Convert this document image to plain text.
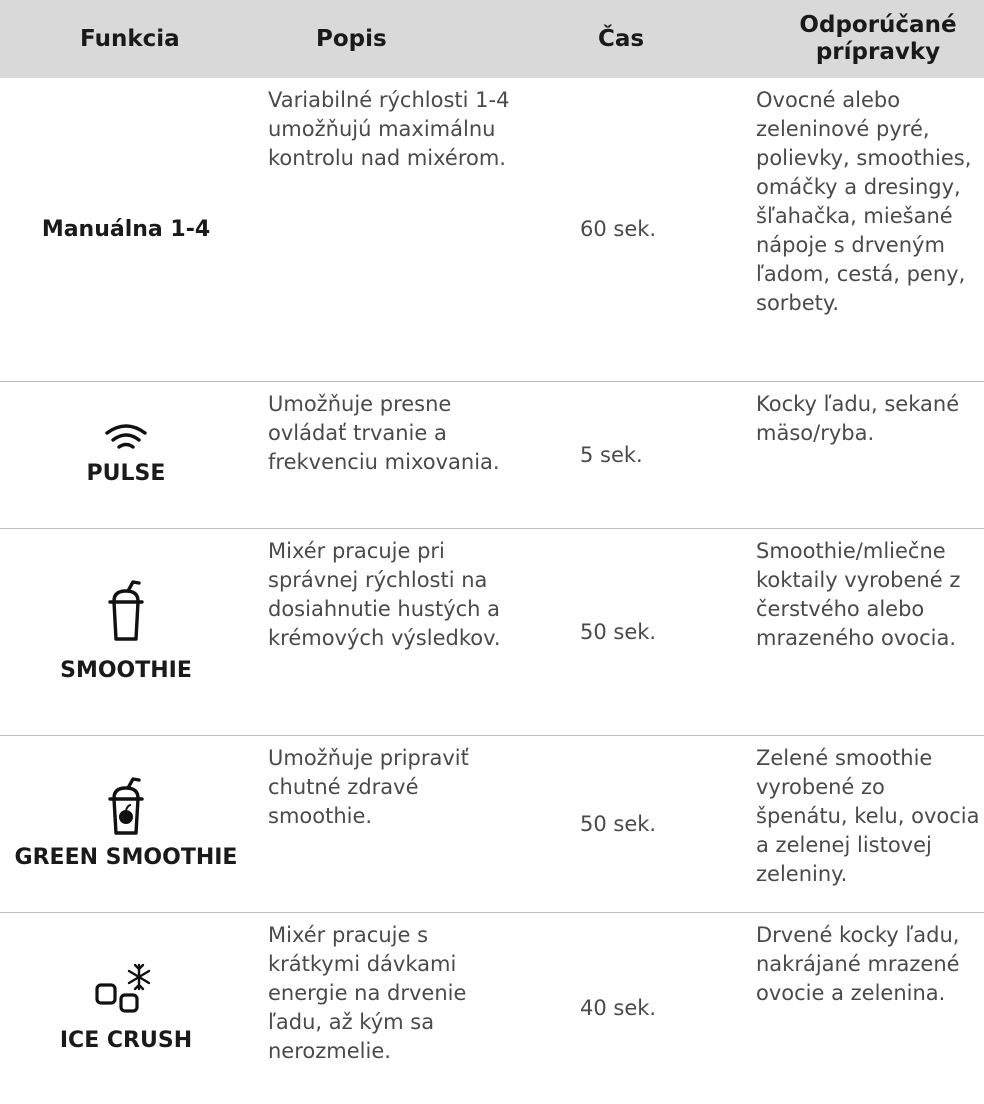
Funkcia	Popis	Čas	Odporúčané
prípravky

Manuálna 1-4	Variabilné rýchlosti 1-4 umožňujú maximálnu kontrolu nad mixérom.	60 sek.	Ovocné alebo zeleninové pyré, polievky, smoothies, omáčky a dresingy, šľahačka, miešané nápoje s drveným ľadom, cestá, peny, sorbety.

PULSE	Umožňuje presne ovládať trvanie a frekvenciu mixovania.	5 sek.	Kocky ľadu, sekané mäso/ryba.

SMOOTHIE	Mixér pracuje pri správnej rýchlosti na dosiahnutie hustých a krémových výsledkov.	50 sek.	Smoothie/mliečne koktaily vyrobené z čerstvého alebo mrazeného ovocia.

GREEN SMOOTHIE	Umožňuje pripraviť chutné zdravé smoothie.	50 sek.	Zelené smoothie vyrobené zo špenátu, kelu, ovocia a zelenej listovej zeleniny.

ICE CRUSH	Mixér pracuje s krátkymi dávkami energie na drvenie ľadu, až kým sa nerozmelie.	40 sek.	Drvené kocky ľadu, nakrájané mrazené ovocie a zelenina.
